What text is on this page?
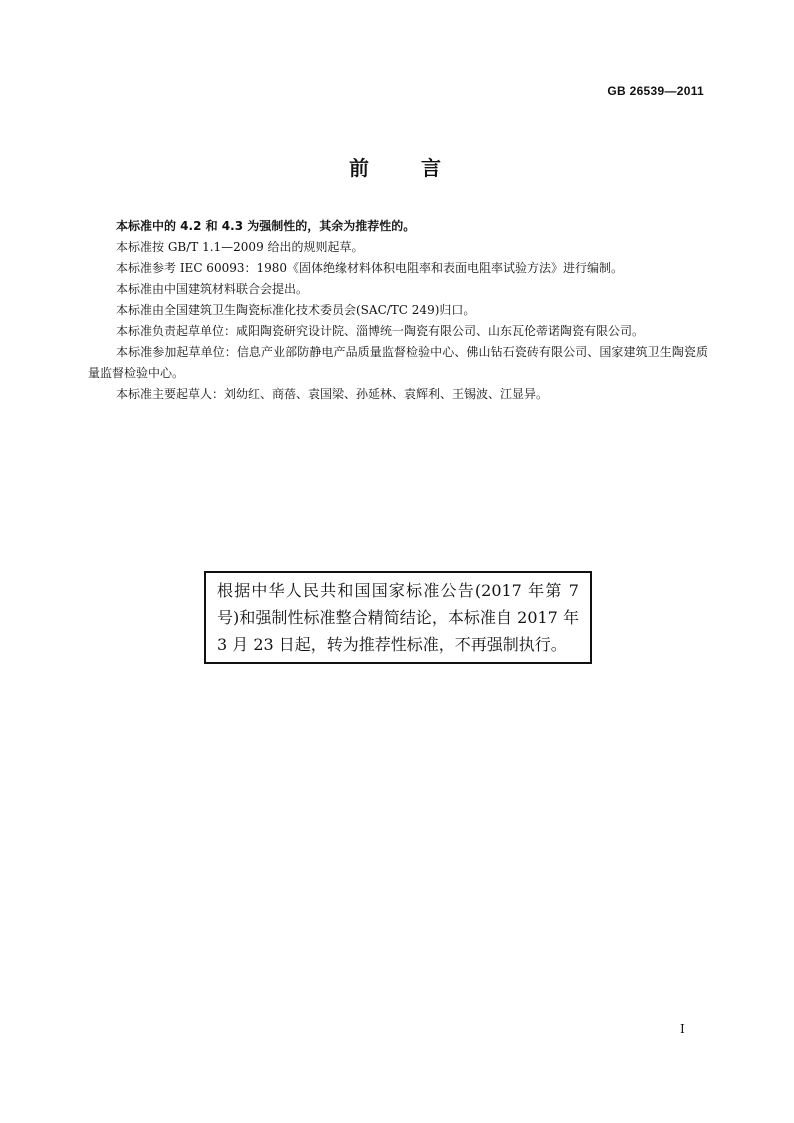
GB 26539—2011
前　　言

本标准中的 4.2 和 4.3 为强制性的，其余为推荐性的。

本标准按 GB/T 1.1—2009 给出的规则起草。

本标准参考 IEC 60093：1980《固体绝缘材料体积电阻率和表面电阻率试验方法》进行编制。

本标准由中国建筑材料联合会提出。

本标准由全国建筑卫生陶瓷标准化技术委员会(SAC/TC 249)归口。

本标准负责起草单位：咸阳陶瓷研究设计院、淄博统一陶瓷有限公司、山东瓦伦蒂诺陶瓷有限公司。

本标准参加起草单位：信息产业部防静电产品质量监督检验中心、佛山钻石瓷砖有限公司、国家建筑卫生陶瓷质量监督检验中心。

本标准主要起草人：刘幼红、商蓓、袁国梁、孙延林、袁辉利、王锡波、江显异。

根据中华人民共和国国家标准公告(2017 年第 7 号)和强制性标准整合精简结论，本标准自 2017 年 3 月 23 日起，转为推荐性标准，不再强制执行。
I
